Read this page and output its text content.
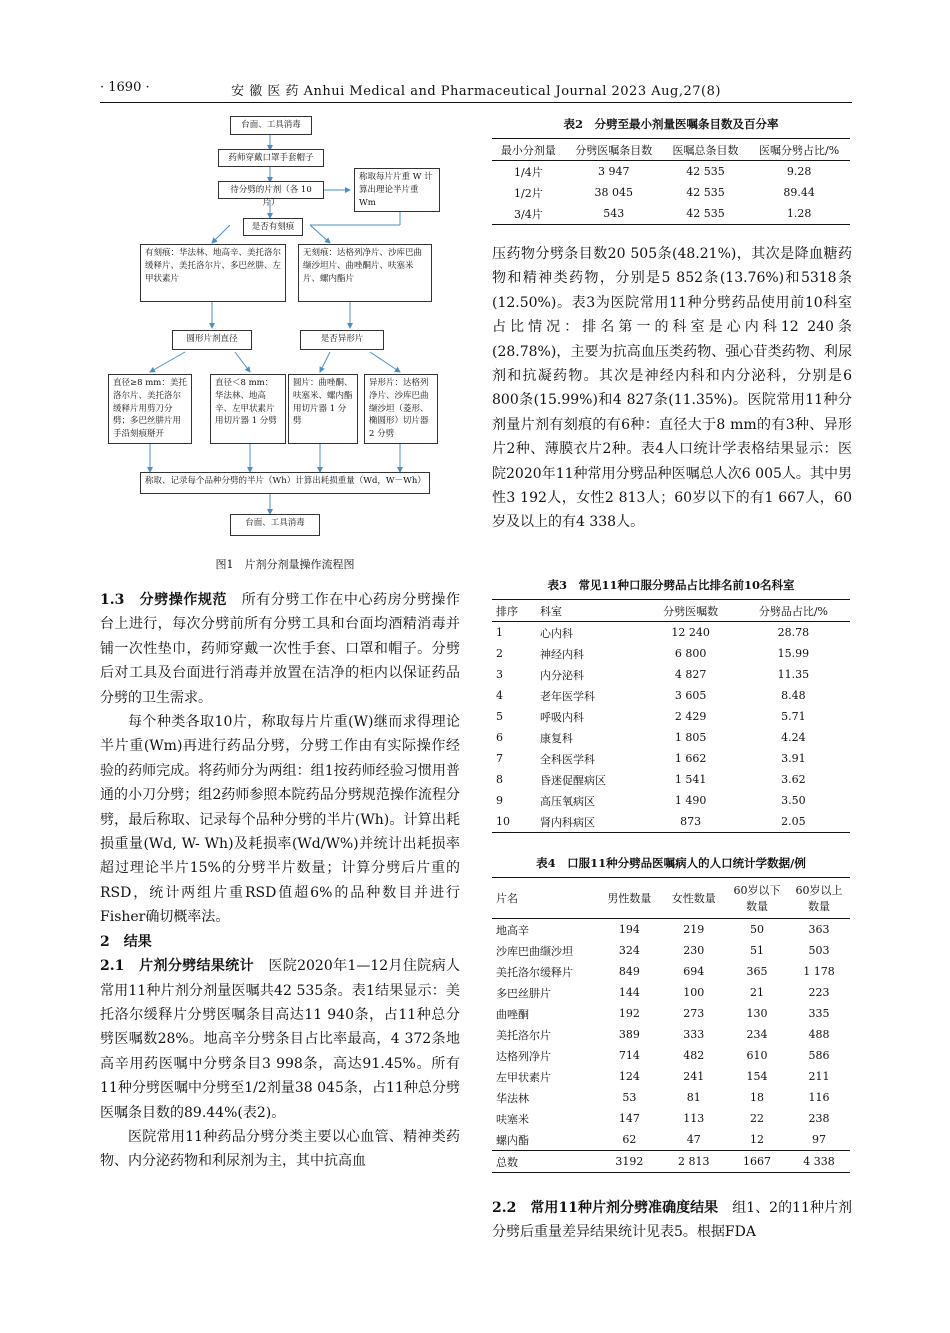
· 1690 ·	安 徽 医 药 Anhui Medical and Pharmaceutical Journal 2023 Aug,27(8)
台面、工具消毒
药师穿戴口罩手套帽子
待分劈的片剂（各 10 片）
称取每片片重 W 计算出理论半片重 Wm
是否有刻痕
有刻痕：华法林、地高辛、美托洛尔缓释片、美托洛尔片、多巴丝肼、左甲状素片
无刻痕：达格列净片、沙库巴曲缬沙坦片、曲唑酮片、呋塞米片、螺内酯片
圆形片剂直径	是否异形片
直径≥8 mm：美托洛尔片、美托洛尔缓释片用剪刀分劈；多巴丝肼片用手沿刻痕掰开
直径＜8 mm：华法林、地高辛、左甲状素片用切片器 1 分劈
圆片：曲唑酮、呋塞米、螺内酯用切片器 1 分劈
异形片：达格列净片、沙库巴曲缬沙坦（菱形、椭圆形）切片器 2 分劈
称取、记录每个品种分劈的半片（Wh）计算出耗损重量（Wd，W－Wh）
台面、工具消毒
图1　片剂分剂量操作流程图

1.3　分劈操作规范　所有分劈工作在中心药房分劈操作台上进行，每次分劈前所有分劈工具和台面均酒精消毒并铺一次性垫巾，药师穿戴一次性手套、口罩和帽子。分劈后对工具及台面进行消毒并放置在洁净的柜内以保证药品分劈的卫生需求。

每个种类各取10片，称取每片片重(W)继而求得理论半片重(Wm)再进行药品分劈，分劈工作由有实际操作经验的药师完成。将药师分为两组：组1按药师经验习惯用普通的小刀分劈；组2药师参照本院药品分劈规范操作流程分劈，最后称取、记录每个品种分劈的半片(Wh)。计算出耗损重量(Wd, W- Wh)及耗损率(Wd/W%)并统计出耗损率超过理论半片15%的分劈半片数量；计算分劈后片重的RSD，统计两组片重RSD值超6%的品种数目并进行Fisher确切概率法。

2　结果

2.1　片剂分劈结果统计　医院2020年1—12月住院病人常用11种片剂分剂量医嘱共42 535条。表1结果显示：美托洛尔缓释片分劈医嘱条目高达11 940条，占11种总分劈医嘱数28%。地高辛分劈条目占比率最高，4 372条地高辛用药医嘱中分劈条目3 998条，高达91.45%。所有11种分劈医嘱中分劈至1/2剂量38 045条，占11种总分劈医嘱条目数的89.44%(表2)。

医院常用11种药品分劈分类主要以心血管、精神类药物、内分泌药物和利尿剂为主，其中抗高血

表2　分劈至最小剂量医嘱条目数及百分率
最小分剂量	分劈医嘱条目数	医嘱总条目数	医嘱分劈占比/%
1/4片	3 947	42 535	9.28
1/2片	38 045	42 535	89.44
3/4片	543	42 535	1.28

压药物分劈条目数20 505条(48.21%)，其次是降血糖药物和精神类药物，分别是5 852条(13.76%)和5318条(12.50%)。表3为医院常用11种分劈药品使用前10科室占比情况：排名第一的科室是心内科12 240条(28.78%)，主要为抗高血压类药物、强心苷类药物、利尿剂和抗凝药物。其次是神经内科和内分泌科，分别是6 800条(15.99%)和4 827条(11.35%)。医院常用11种分剂量片剂有刻痕的有6种：直径大于8 mm的有3种、异形片2种、薄膜衣片2种。表4人口统计学表格结果显示：医院2020年11种常用分劈品种医嘱总人次6 005人。其中男性3 192人，女性2 813人；60岁以下的有1 667人，60岁及以上的有4 338人。

表3　常见11种口服分劈品占比排名前10名科室
排序	科室	分劈医嘱数	分劈品占比/%
1	心内科	12 240	28.78
2	神经内科	6 800	15.99
3	内分泌科	4 827	11.35
4	老年医学科	3 605	8.48
5	呼吸内科	2 429	5.71
6	康复科	1 805	4.24
7	全科医学科	1 662	3.91
8	昏迷促醒病区	1 541	3.62
9	高压氧病区	1 490	3.50
10	肾内科病区	873	2.05
表4　口服11种分劈品医嘱病人的人口统计学数据/例
片名	男性数量	女性数量	60岁以下数量	60岁以上数量
地高辛	194	219	50	363
沙库巴曲缬沙坦	324	230	51	503
美托洛尔缓释片	849	694	365	1 178
多巴丝肼片	144	100	21	223
曲唑酮	192	273	130	335
美托洛尔片	389	333	234	488
达格列净片	714	482	610	586
左甲状素片	124	241	154	211
华法林	53	81	18	116
呋塞米	147	113	22	238
螺内酯	62	47	12	97
总数	3192	2 813	1667	4 338

2.2　常用11种片剂分劈准确度结果　组1、2的11种片剂分劈后重量差异结果统计见表5。根据FDA
